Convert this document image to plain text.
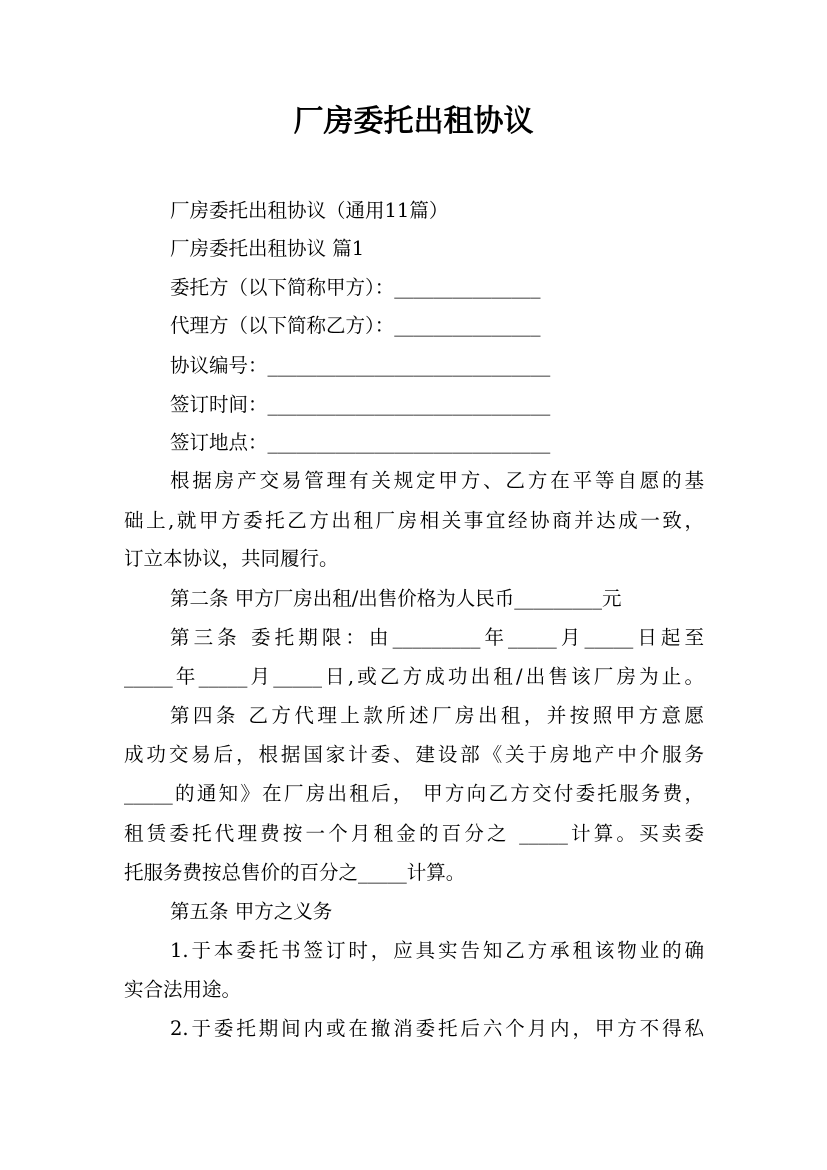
厂房委托出租协议
厂房委托出租协议（通用11篇）
厂房委托出租协议 篇1
委托方（以下简称甲方）：_______________
代理方（以下简称乙方）：_______________
协议编号：_____________________________
签订时间：_____________________________
签订地点：_____________________________
根据房产交易管理有关规定甲方、乙方在平等自愿的基
础上,就甲方委托乙方出租厂房相关事宜经协商并达成一致，
订立本协议，共同履行。
第二条 甲方厂房出租/出售价格为人民币_________元
第三条 委托期限：由_________年_____月_____日起至
_____年_____月_____日,或乙方成功出租/出售该厂房为止。
第四条 乙方代理上款所述厂房出租，并按照甲方意愿
成功交易后，根据国家计委、建设部《关于房地产中介服务
_____的通知》在厂房出租后， 甲方向乙方交付委托服务费，
租赁委托代理费按一个月租金的百分之 _____计算。买卖委
托服务费按总售价的百分之_____计算。
第五条 甲方之义务
1.于本委托书签订时，应具实告知乙方承租该物业的确
实合法用途。
2.于委托期间内或在撤消委托后六个月内，甲方不得私
